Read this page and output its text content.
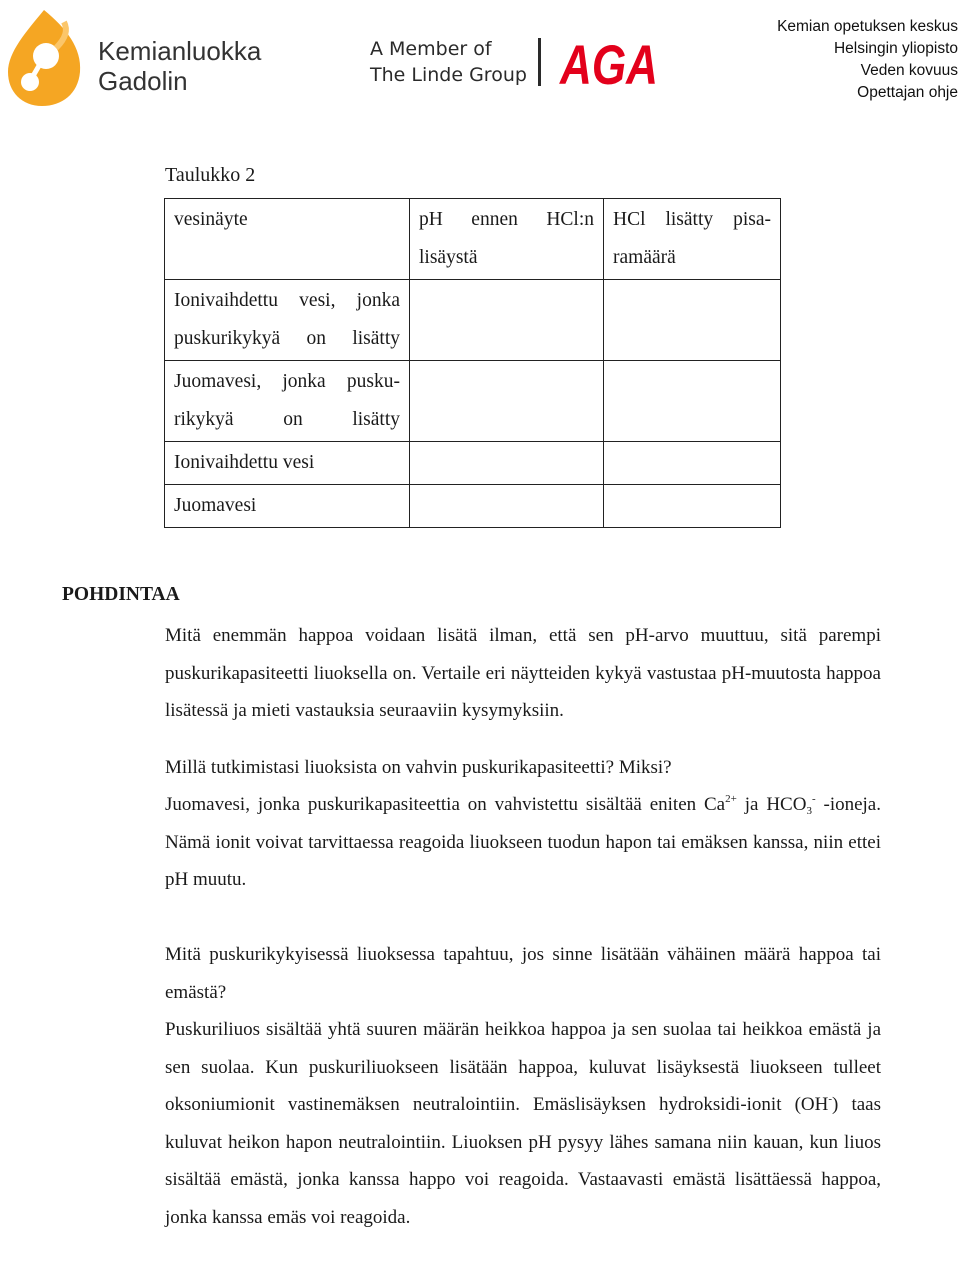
Kemianluokka
Gadolin
A Member of
The Linde Group AGA
Kemian opetuksen keskus
Helsingin yliopisto
Veden kovuus
Opettajan ohje
Taulukko 2
vesinäyte	pH ennen HCl:n lisäystä	HCl lisätty pisa-ramäärä
Ionivaihdettu vesi, jonka puskurikykyä on lisätty		
Juomavesi, jonka pusku-rikykyä on lisätty		
Ionivaihdettu vesi		
Juomavesi		
POHDINTAA
Mitä enemmän happoa voidaan lisätä ilman, että sen pH-arvo muuttuu, sitä parempi puskurikapasiteetti liuoksella on. Vertaile eri näytteiden kykyä vastustaa pH-muutosta happoa lisätessä ja mieti vastauksia seuraaviin kysymyksiin.
Millä tutkimistasi liuoksista on vahvin puskurikapasiteetti? Miksi?
Juomavesi, jonka puskurikapasiteettia on vahvistettu sisältää eniten $Ca^{2+}$ ja $HCO_3^-$ -ioneja. Nämä ionit voivat tarvittaessa reagoida liuokseen tuodun hapon tai emäksen kanssa, niin ettei pH muutu.
Mitä puskurikykyisessä liuoksessa tapahtuu, jos sinne lisätään vähäinen määrä happoa tai emästä?
Puskuriliuos sisältää yhtä suuren määrän heikkoa happoa ja sen suolaa tai heikkoa emästä ja sen suolaa. Kun puskuriliuokseen lisätään happoa, kuluvat lisäyksestä liuokseen tulleet oksoniumionit vastinemäksen neutralointiin. Emäslisäyksen hydroksidi-ionit (OH-) taas kuluvat heikon hapon neutralointiin. Liuoksen pH pysyy lähes samana niin kauan, kun liuos sisältää emästä, jonka kanssa happo voi reagoida. Vastaavasti emästä lisättäessä happoa, jonka kanssa emäs voi reagoida.
